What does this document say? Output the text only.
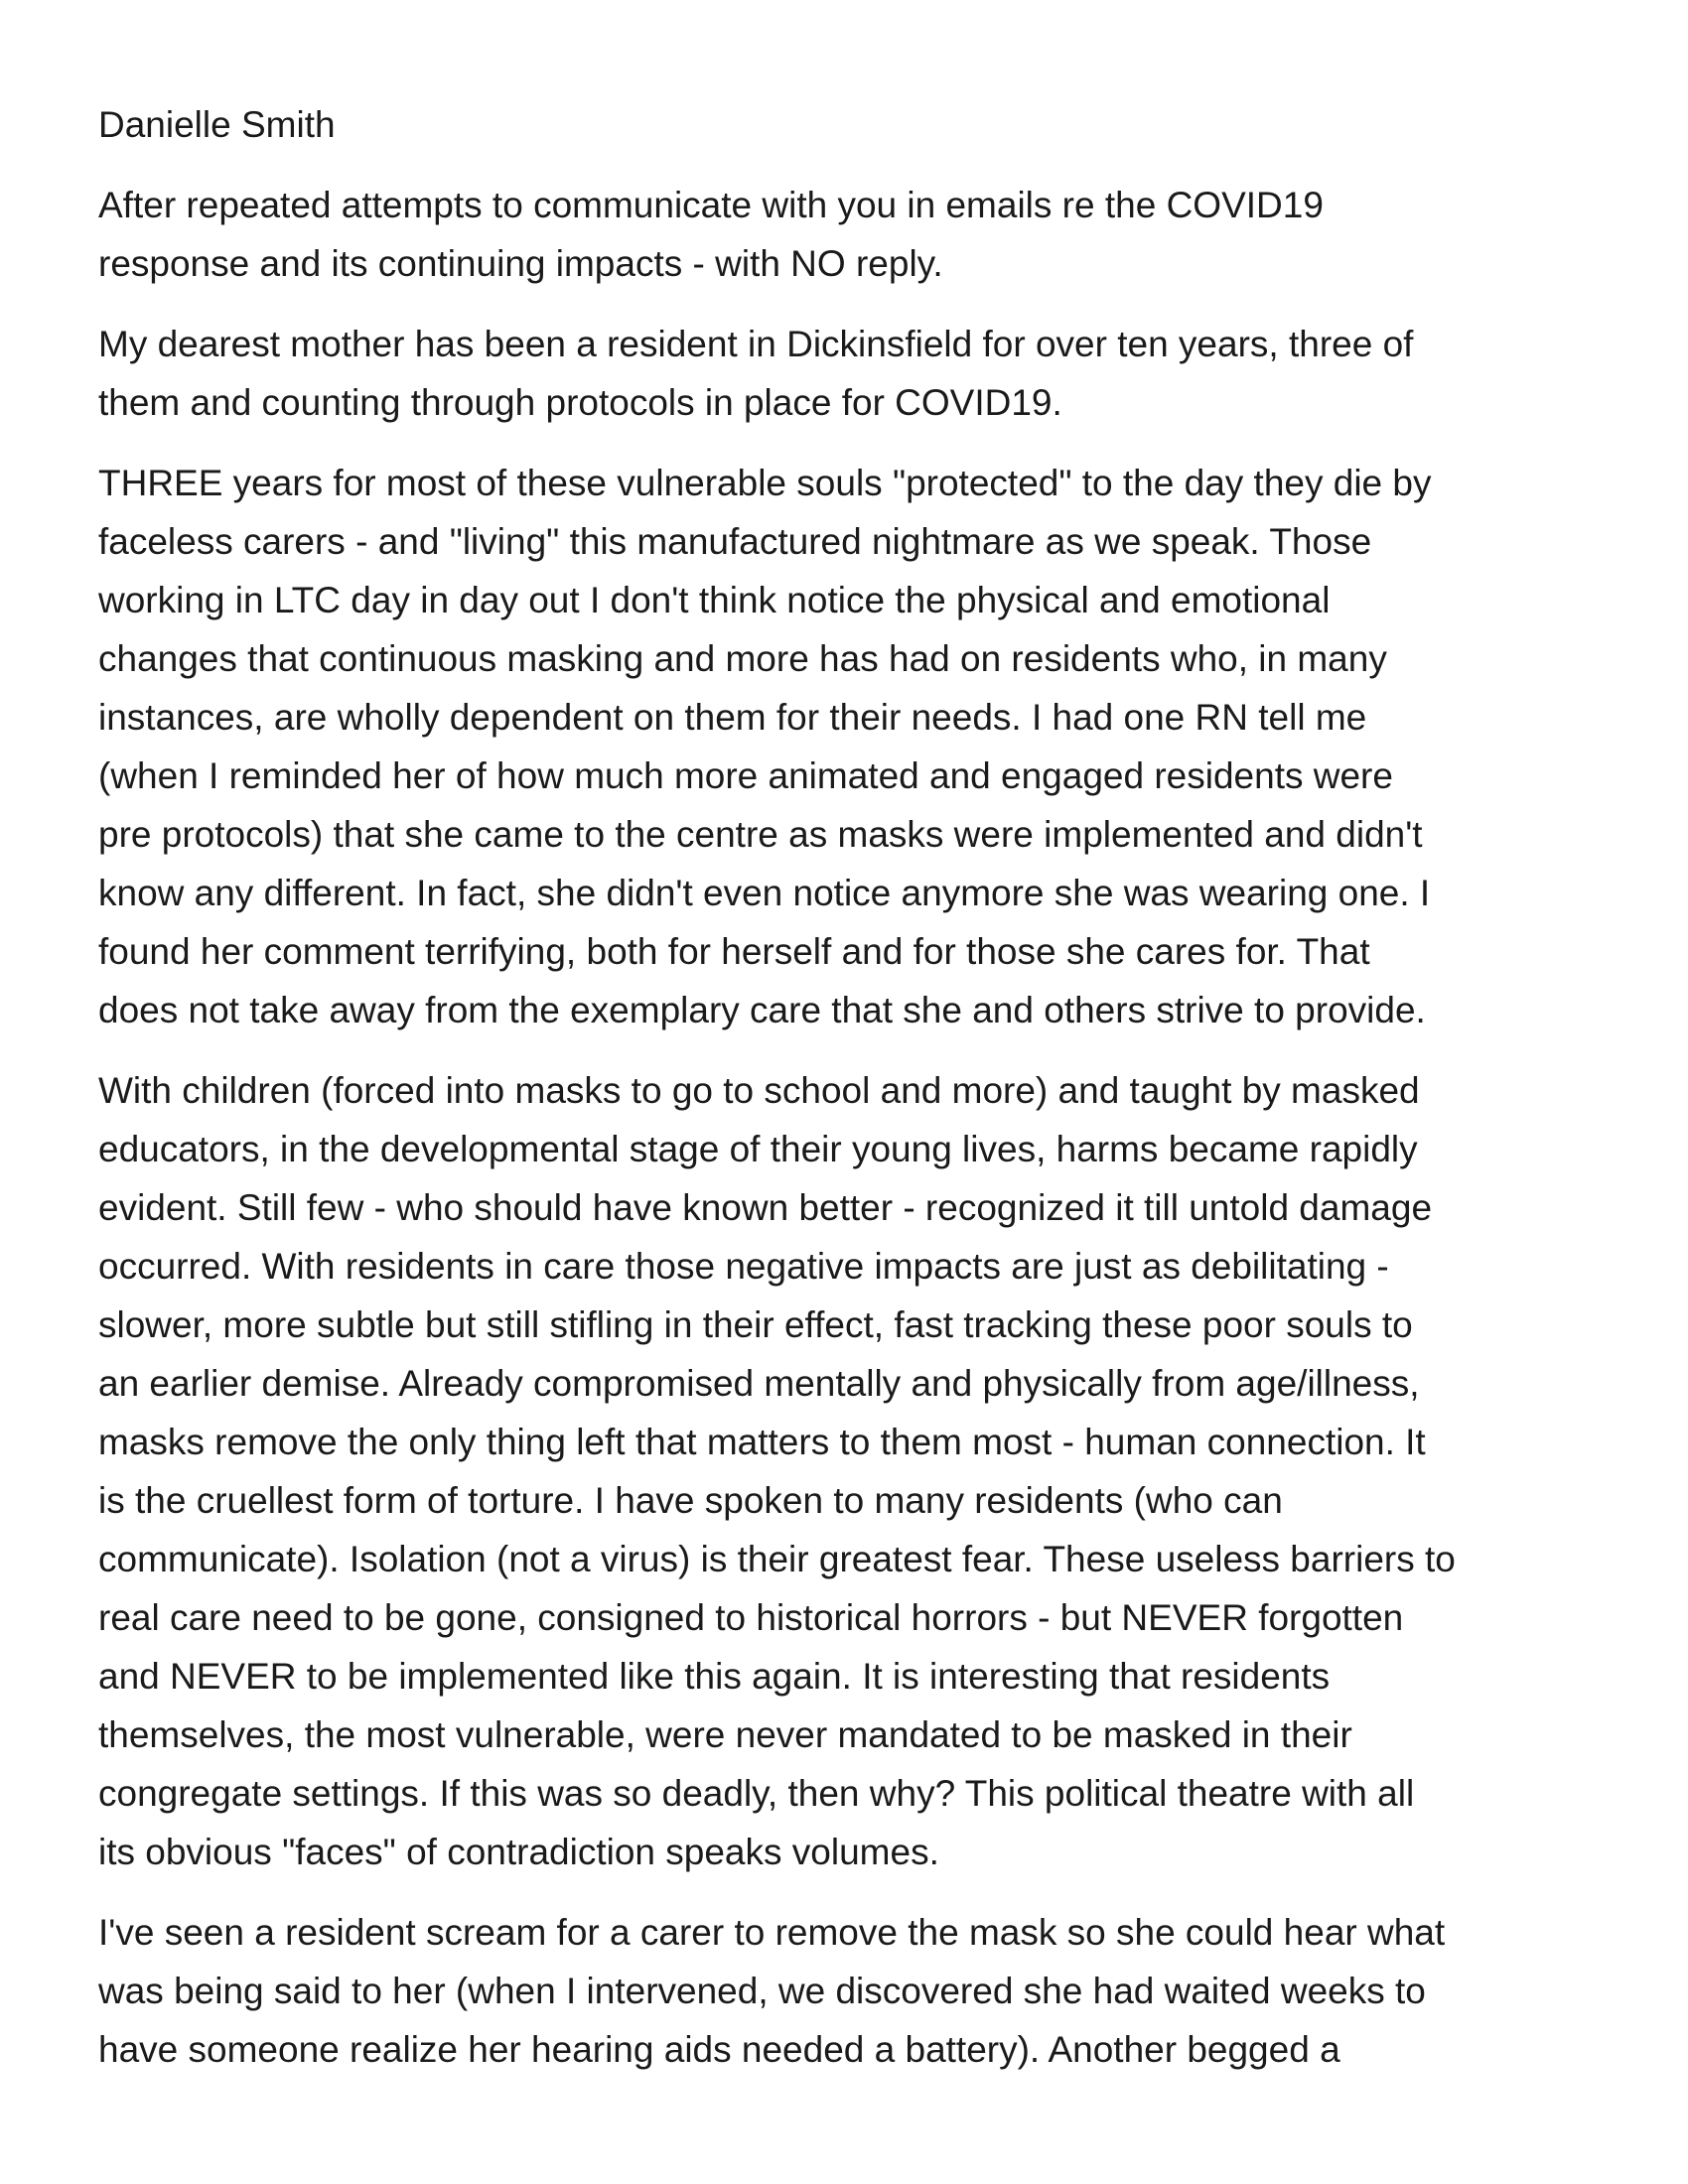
Danielle Smith

After repeated attempts to communicate with you in emails re the COVID19
response and its continuing impacts - with NO reply.

My dearest mother has been a resident in Dickinsfield for over ten years, three of
them and counting through protocols in place for COVID19.

THREE years for most of these vulnerable souls "protected" to the day they die by
faceless carers - and "living" this manufactured nightmare as we speak. Those
working in LTC day in day out I don't think notice the physical and emotional
changes that continuous masking and more has had on residents who, in many
instances, are wholly dependent on them for their needs. I had one RN tell me
(when I reminded her of how much more animated and engaged residents were
pre protocols) that she came to the centre as masks were implemented and didn't
know any different. In fact, she didn't even notice anymore she was wearing one. I
found her comment terrifying, both for herself and for those she cares for. That
does not take away from the exemplary care that she and others strive to provide.

With children (forced into masks to go to school and more) and taught by masked
educators, in the developmental stage of their young lives, harms became rapidly
evident. Still few - who should have known better - recognized it till untold damage
occurred. With residents in care those negative impacts are just as debilitating -
slower, more subtle but still stifling in their effect, fast tracking these poor souls to
an earlier demise. Already compromised mentally and physically from age/illness,
masks remove the only thing left that matters to them most - human connection. It
is the cruellest form of torture. I have spoken to many residents (who can
communicate). Isolation (not a virus) is their greatest fear. These useless barriers to
real care need to be gone, consigned to historical horrors - but NEVER forgotten
and NEVER to be implemented like this again. It is interesting that residents
themselves, the most vulnerable, were never mandated to be masked in their
congregate settings. If this was so deadly, then why? This political theatre with all
its obvious "faces" of contradiction speaks volumes.

I've seen a resident scream for a carer to remove the mask so she could hear what
was being said to her (when I intervened, we discovered she had waited weeks to
have someone realize her hearing aids needed a battery). Another begged a
